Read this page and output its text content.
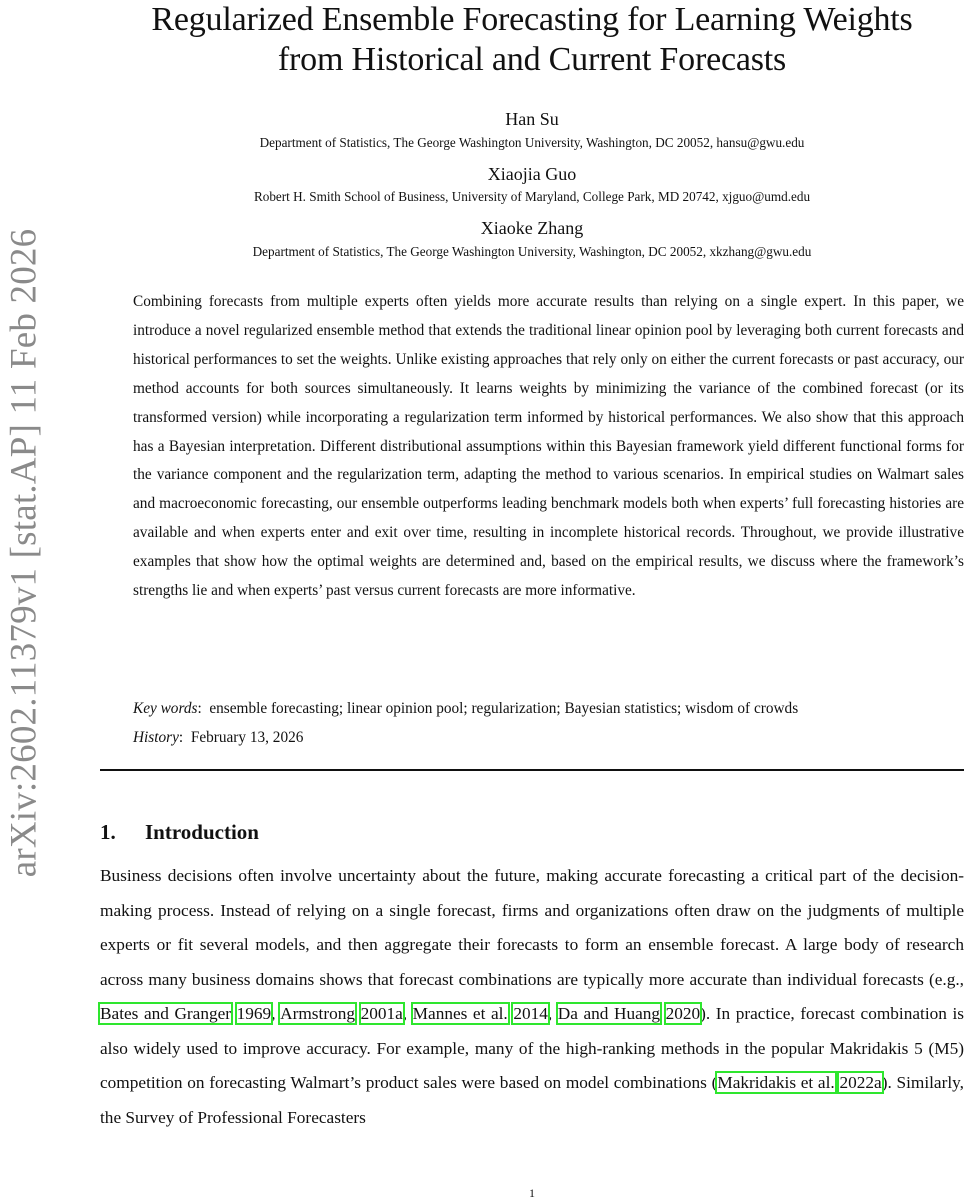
arXiv:2602.11379v1 [stat.AP] 11 Feb 2026
Regularized Ensemble Forecasting for Learning Weights
from Historical and Current Forecasts
Han Su
Department of Statistics, The George Washington University, Washington, DC 20052, hansu@gwu.edu
Xiaojia Guo
Robert H. Smith School of Business, University of Maryland, College Park, MD 20742, xjguo@umd.edu
Xiaoke Zhang
Department of Statistics, The George Washington University, Washington, DC 20052, xkzhang@gwu.edu

Combining forecasts from multiple experts often yields more accurate results than relying on a single expert. In this paper, we introduce a novel regularized ensemble method that extends the traditional linear opinion pool by leveraging both current forecasts and historical performances to set the weights. Unlike existing approaches that rely only on either the current forecasts or past accuracy, our method accounts for both sources simultaneously. It learns weights by minimizing the variance of the combined forecast (or its transformed version) while incorporating a regularization term informed by historical performances. We also show that this approach has a Bayesian interpretation. Different distributional assumptions within this Bayesian framework yield different functional forms for the variance component and the regularization term, adapting the method to various scenarios. In empirical studies on Walmart sales and macroeconomic forecasting, our ensemble outperforms leading benchmark models both when experts’ full forecasting histories are available and when experts enter and exit over time, resulting in incomplete historical records. Throughout, we provide illustrative examples that show how the optimal weights are determined and, based on the empirical results, we discuss where the framework’s strengths lie and when experts’ past versus current forecasts are more informative.

Key words:  ensemble forecasting; linear opinion pool; regularization; Bayesian statistics; wisdom of crowds
History:  February 13, 2026
1. Introduction

Business decisions often involve uncertainty about the future, making accurate forecasting a critical part of the decision-making process. Instead of relying on a single forecast, firms and organizations often draw on the judgments of multiple experts or fit several models, and then aggregate their forecasts to form an ensemble forecast. A large body of research across many business domains shows that forecast combinations are typically more accurate than individual forecasts (e.g., Bates and Granger 1969, Armstrong 2001a, Mannes et al. 2014, Da and Huang 2020). In practice, forecast combination is also widely used to improve accuracy. For example, many of the high-ranking methods in the popular Makridakis 5 (M5) competition on forecasting Walmart’s product sales were based on model combinations (Makridakis et al. 2022a). Similarly, the Survey of Professional Forecasters

1
